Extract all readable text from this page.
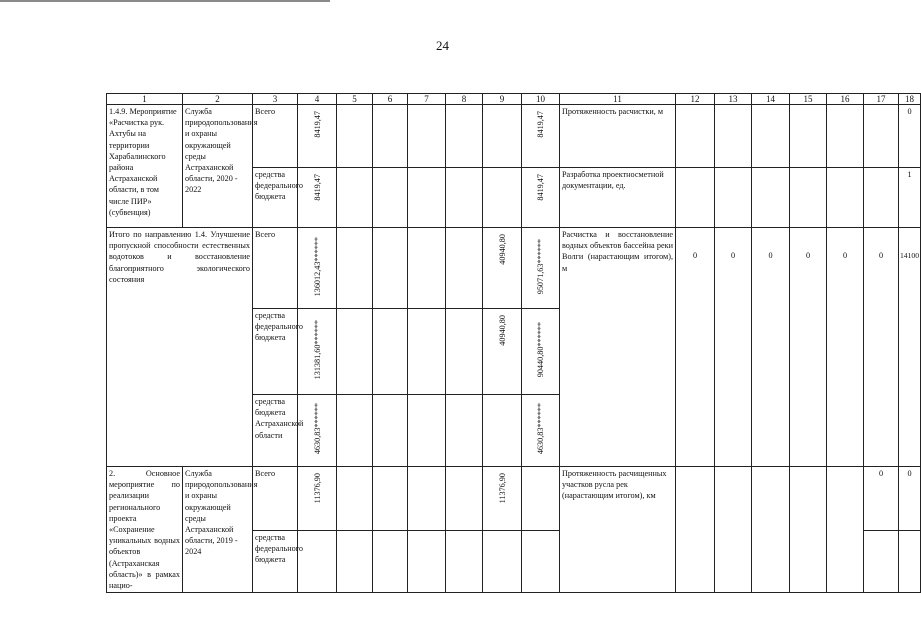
24
1	2	3	4	5	6	7	8	9	10	11	12	13	14	15	16	17	18
1.4.9. Мероприятие «Расчистка рук. Ахтубы на территории Харабалинского района Астраханской области, в том числе ПИР» (субвенция)	Служба природопользования и охраны окружающей среды Астраханской области, 2020 - 2022	Всего	8419,47						8419,47	Протяженность расчистки, м							0
		средства федерального бюджета	8419,47						8419,47	Разработка проектносметной документации, ед.							1
Итого по направлению 1.4. Улучшение пропускной способности естественных водотоков и восстановление благоприятного экологического состояния		Всего	136012,43******					40940,80	95071,63******	Расчистка и восстановление водных объектов бассейна реки Волги (нарастающим итогом), м	0	0	0	0	0	0	14100
		средства федерального бюджета	131381,60******					40940,80	90440,80******								
		средства бюджета Астраханской области	4630,83******						4630,83******								
2. Основное мероприятие по реализации регионального проекта «Сохранение уникальных водных объектов (Астраханская область)» в рамках нацио-	Служба природопользования и охраны окружающей среды Астраханской области, 2019 - 2024	Всего	11376,90					11376,90		Протяженность расчищенных участков русла рек (нарастающим итогом), км						0	0
		средства федерального бюджета															
